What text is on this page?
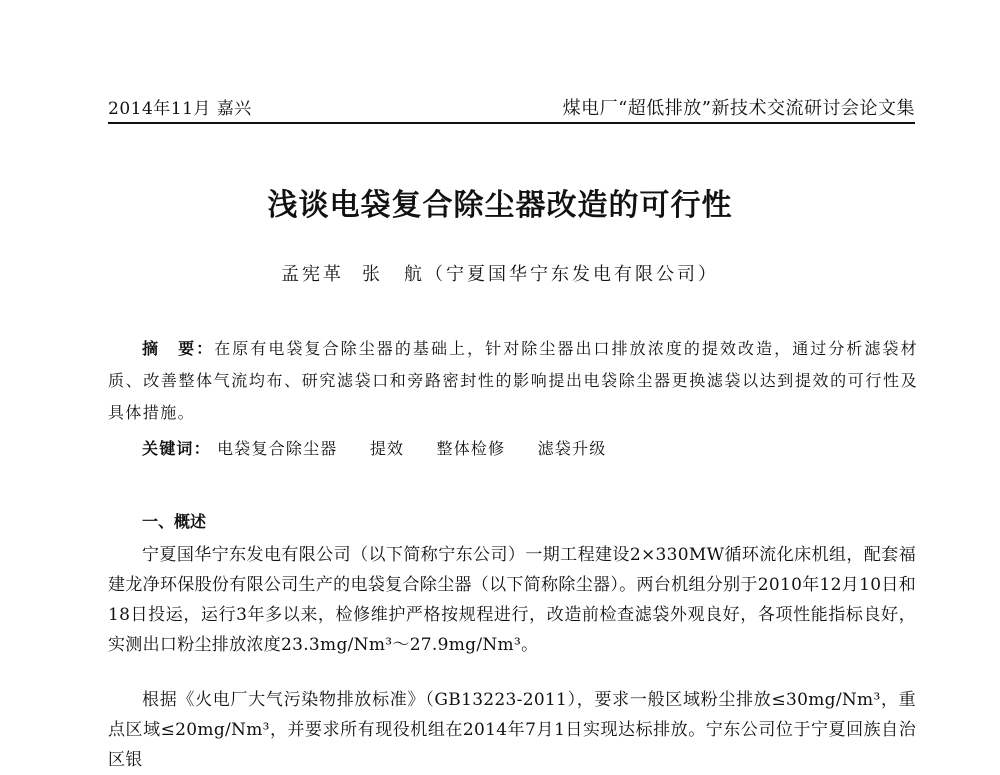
2014年11月 嘉兴	煤电厂“超低排放”新技术交流研讨会论文集
浅谈电袋复合除尘器改造的可行性
孟宪革 张　航（宁夏国华宁东发电有限公司）
摘　要：在原有电袋复合除尘器的基础上，针对除尘器出口排放浓度的提效改造，通过分析滤袋材质、改善整体气流均布、研究滤袋口和旁路密封性的影响提出电袋除尘器更换滤袋以达到提效的可行性及具体措施。
关键词： 电袋复合除尘器 提效 整体检修 滤袋升级
一、概述
宁夏国华宁东发电有限公司（以下简称宁东公司）一期工程建设2×330MW循环流化床机组，配套福建龙净环保股份有限公司生产的电袋复合除尘器（以下简称除尘器）。两台机组分别于2010年12月10日和18日投运，运行3年多以来，检修维护严格按规程进行，改造前检查滤袋外观良好，各项性能指标良好，实测出口粉尘排放浓度23.3mg/Nm³～27.9mg/Nm³。
根据《火电厂大气污染物排放标准》（GB13223-2011），要求一般区域粉尘排放≤30mg/Nm³，重点区域≤20mg/Nm³，并要求所有现役机组在2014年7月1日实现达标排放。宁东公司位于宁夏回族自治区银
